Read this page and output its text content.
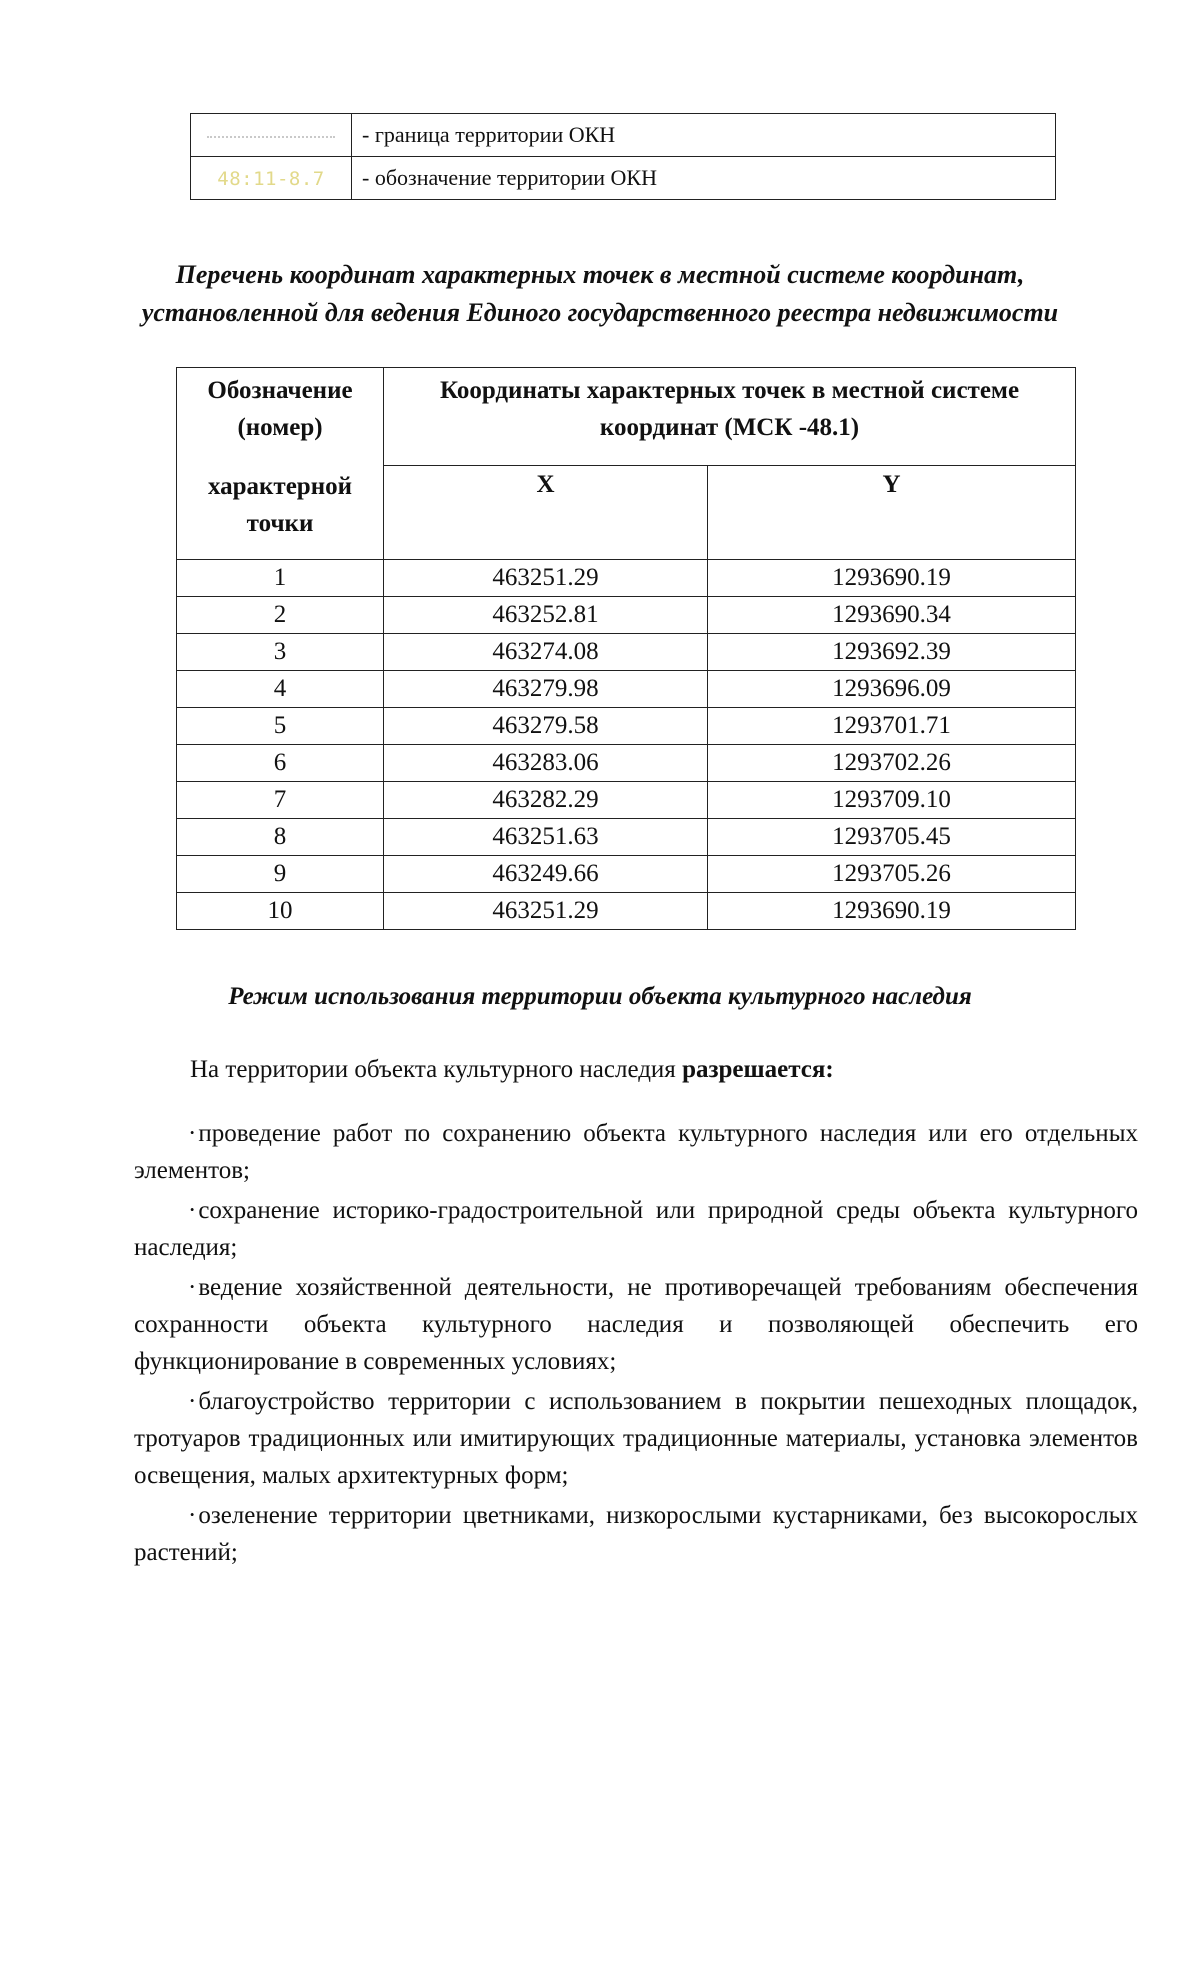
	- граница территории ОКН
48:11-8.7	- обозначение территории ОКН
Перечень координат характерных точек в местной системе координат,
установленной для ведения Единого государственного реестра недвижимости
Обозначение
(номер)
характерной
точки	Координаты характерных точек в местной системе
координат (МСК -48.1)	

	X	Y
1	463251.29	1293690.19
2	463252.81	1293690.34
3	463274.08	1293692.39
4	463279.98	1293696.09
5	463279.58	1293701.71
6	463283.06	1293702.26
7	463282.29	1293709.10
8	463251.63	1293705.45
9	463249.66	1293705.26
10	463251.29	1293690.19
Режим использования территории объекта культурного наследия
На территории объекта культурного наследия разрешается:

·проведение работ по сохранению объекта культурного наследия или его отдельных элементов;

·сохранение историко-градостроительной или природной среды объекта культурного наследия;

·ведение хозяйственной деятельности, не противоречащей требованиям обеспечения сохранности объекта культурного наследия и позволяющей обеспечить его функционирование в современных условиях;

·благоустройство территории с использованием в покрытии пешеходных площадок, тротуаров традиционных или имитирующих традиционные материалы, установка элементов освещения, малых архитектурных форм;

·озеленение территории цветниками, низкорослыми кустарниками, без высокорослых растений;
